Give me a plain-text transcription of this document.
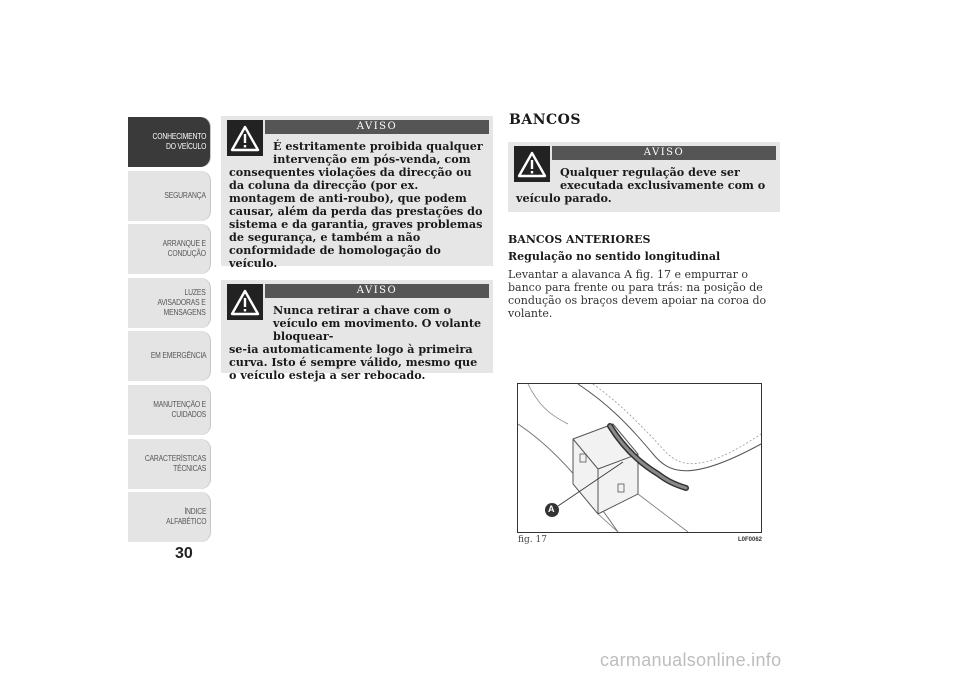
CONHECIMENTO
DO VEÍCULO
SEGURANÇA
ARRANQUE E
CONDUÇÃO
LUZES
AVISADORAS E
MENSAGENS
EM EMERGÊNCIA
MANUTENÇÃO E
CUIDADOS
CARACTERÍSTICAS
TÉCNICAS
ÍNDICE
ALFABÉTICO
30
AVISO
É estritamente proibida qualquer intervenção em pós-venda, com
consequentes violações da direcção ou da coluna da direcção (por ex. montagem de anti-roubo), que podem causar, além da perda das prestações do sistema e da garantia, graves problemas de segurança, e também a não conformidade de homologação do veículo.
AVISO
Nunca retirar a chave com o veículo em movimento. O volante bloquear-
se-ia automaticamente logo à primeira curva. Isto é sempre válido, mesmo que o veículo esteja a ser rebocado.
BANCOS
AVISO
Qualquer regulação deve ser executada exclusivamente com o
veículo parado.
BANCOS ANTERIORES
Regulação no sentido longitudinal
Levantar a alavanca A fig. 17 e empurrar o banco para frente ou para trás: na posição de condução os braços devem apoiar na coroa do volante.
A
fig. 17	L0F0062
carmanualsonline.info
